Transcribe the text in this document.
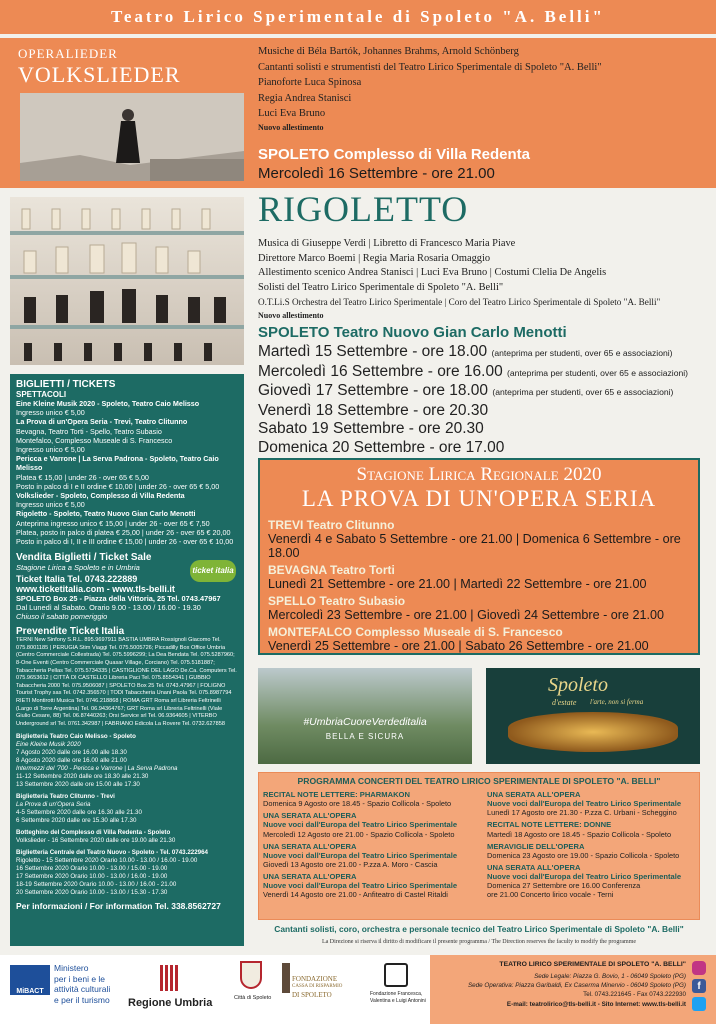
Teatro Lirico Sperimentale di Spoleto "A. Belli"
OPERALIEDER
VOLKSLIEDER
Musiche di Béla Bartók, Johannes Brahms, Arnold Schönberg
Cantanti solisti e strumentisti del Teatro Lirico Sperimentale di Spoleto "A. Belli"
Pianoforte Luca Spinosa
Regia Andrea Stanisci
Luci Eva Bruno
Nuovo allestimento
SPOLETO Complesso di Villa Redenta
Mercoledì 16 Settembre - ore 21.00
RIGOLETTO
Musica di Giuseppe Verdi | Libretto di Francesco Maria Piave
Direttore Marco Boemi | Regia Maria Rosaria Omaggio
Allestimento scenico Andrea Stanisci | Luci Eva Bruno | Costumi Clelia De Angelis
Solisti del Teatro Lirico Sperimentale di Spoleto "A. Belli"
O.T.Li.S Orchestra del Teatro Lirico Sperimentale | Coro del Teatro Lirico Sperimentale di Spoleto "A. Belli"
Nuovo allestimento
SPOLETO Teatro Nuovo Gian Carlo Menotti
Martedì 15 Settembre - ore 18.00 (anteprima per studenti, over 65 e associazioni)
Mercoledì 16 Settembre - ore 16.00 (anteprima per studenti, over 65 e associazioni)
Giovedì 17 Settembre - ore 18.00 (anteprima per studenti, over 65 e associazioni)
Venerdì 18 Settembre - ore 20.30
Sabato 19 Settembre - ore 20.30
Domenica 20 Settembre - ore 17.00
BIGLIETTI / TICKETS
SPETTACOLI
Eine Kleine Musik 2020 - Spoleto, Teatro Caio Melisso
Ingresso unico € 5,00
La Prova di un'Opera Seria - Trevi, Teatro Clitunno
Bevagna, Teatro Torti - Spello, Teatro Subasio
Montefalco, Complesso Museale di S. Francesco
Ingresso unico € 5,00
Pericca e Varrone | La Serva Padrona - Spoleto, Teatro Caio Melisso
Platea € 15,00 | under 26 - over 65 € 5,00
Posto in palco di I e II ordine € 10,00 | under 26 - over 65 € 5,00
Volkslieder - Spoleto, Complesso di Villa Redenta
Ingresso unico € 5,00
Rigoletto - Spoleto, Teatro Nuovo Gian Carlo Menotti
Anteprima ingresso unico € 15,00 | under 26 - over 65 € 7,50
Platea, posto in palco di platea € 25,00 | under 26 - over 65 € 20,00
Posto in palco di I, II e III ordine € 15,00 | under 26 - over 65 € 10,00
Vendita Biglietti / Ticket Sale
Stagione Lirica a Spoleto e in Umbria	ticket italia
Ticket Italia Tel. 0743.222889
www.ticketitalia.com - www.tls-belli.it
SPOLETO Box 25 - Piazza della Vittoria, 25 Tel. 0743.47967
Dal Lunedì al Sabato. Orario 9.00 - 13.00 / 16.00 - 19.30
Chiuso il sabato pomeriggio
Prevendite Ticket Italia
TERNI New Sinfony S.R.L. 895.9697911 BASTIA UMBRA Rossignoli Giacomo Tel. 075.8001185 | PERUGIA Stim Viaggi Tel. 075.5005726; Piccadilly Box Office Umbria (Centro Commerciale Collestrada) Tel. 075.5996299; La Dea Bendata Tel. 075.5287960; 8-One Eventi (Centro Commerciale Quasar Village, Corciano) Tel. 075.5181887; Tabaccheria Pellas Tel. 075.5734335 | CASTIGLIONE DEL LAGO De.Ca. Computers Tel. 075.9653612 | CITTÀ DI CASTELLO Libreria Paci Tel. 075.8554341 | GUBBIO Tabaccheria 2000 Tel. 075.9506087 | SPOLETO Box 25 Tel. 0743.47967 | FOLIGNO Tourist Trophy sas Tel. 0742.356570 | TODI Tabaccheria Unani Paola Tel. 075.8987794 RIETI Montirotti Musica Tel. 0746.218868 | ROMA GRT Roma srl Libreria Feltrinelli (Largo di Torre Argentina) Tel. 06.94364767; GRT Roma srl Libreria Feltrinelli (Viale Giulio Cesare, 88) Tel. 06.87440263; Orsi Service srl Tel. 06.9364605 | VITERBO Underground srl Tel. 0761.342987 | FABRIANO Edicola La Rovere Tel. 0732.627858
Biglietteria Teatro Caio Melisso - Spoleto
Eine Kleine Musik 2020
7 Agosto 2020 dalle ore 16.00 alle 18.30
8 Agosto 2020 dalle ore 16.00 alle 21.00
Intermezzi del '700 - Pericca e Varrone | La Serva Padrona
11-12 Settembre 2020 dalle ore 18.30 alle 21.30
13 Settembre 2020 dalle ore 15.00 alle 17.30
Biglietteria Teatro Clitunno - Trevi
La Prova di un'Opera Seria
4-5 Settembre 2020 dalle ore 16.30 alle 21.30
6 Settembre 2020 dalle ore 15.30 alle 17.30
Botteghino del Complesso di Villa Redenta - Spoleto
Volkslieder - 16 Settembre 2020 dalle ore 19.00 alle 21.30
Biglietteria Centrale del Teatro Nuovo - Spoleto - Tel. 0743.222964
Rigoletto - 15 Settembre 2020 Orario 10.00 - 13.00 / 16.00 - 19.00
16 Settembre 2020 Orario 10.00 - 13.00 / 15.00 - 19.00
17 Settembre 2020 Orario 10.00 - 13.00 / 16.00 - 19.00
18-19 Settembre 2020 Orario 10.00 - 13.00 / 16.00 - 21.00
20 Settembre 2020 Orario 10.00 - 13.00 / 15.30 - 17.30
Per informazioni / For information Tel. 338.8562727
Stagione Lirica Regionale 2020
LA PROVA DI UN'OPERA SERIA
TREVI Teatro Clitunno
Venerdì 4 e Sabato 5 Settembre - ore 21.00 | Domenica 6 Settembre - ore 18.00
BEVAGNA Teatro Torti
Lunedì 21 Settembre - ore 21.00 | Martedì 22 Settembre - ore 21.00
SPELLO Teatro Subasio
Mercoledì 23 Settembre - ore 21.00 | Giovedì 24 Settembre - ore 21.00
MONTEFALCO Complesso Museale di S. Francesco
Venerdì 25 Settembre - ore 21.00 | Sabato 26 Settembre - ore 21.00
#UmbriaCuoreVerdeditalia
BELLA E SICURA
Spoleto
d'estate l'arte, non si ferma
PROGRAMMA CONCERTI DEL TEATRO LIRICO SPERIMENTALE DI SPOLETO "A. BELLI"
RECITAL NOTE LETTERE: PHARMAKON
Domenica 9 Agosto ore 18.45 - Spazio Collicola - Spoleto
UNA SERATA ALL'OPERA
Nuove voci dall'Europa del Teatro Lirico Sperimentale
Mercoledì 12 Agosto ore 21.00 - Spazio Collicola - Spoleto
UNA SERATA ALL'OPERA
Nuove voci dall'Europa del Teatro Lirico Sperimentale
Giovedì 13 Agosto ore 21.00 - P.zza A. Moro - Cascia
UNA SERATA ALL'OPERA
Nuove voci dall'Europa del Teatro Lirico Sperimentale
Venerdì 14 Agosto ore 21.00 - Anfiteatro di Castel Ritaldi
UNA SERATA ALL'OPERA
Nuove voci dall'Europa del Teatro Lirico Sperimentale
Lunedì 17 Agosto ore 21.30 - P.zza C. Urbani - Scheggino
RECITAL NOTE LETTERE: DONNE
Martedì 18 Agosto ore 18.45 - Spazio Collicola - Spoleto
MERAVIGLIE DELL'OPERA
Domenica 23 Agosto ore 19.00 - Spazio Collicola - Spoleto
UNA SERATA ALL'OPERA
Nuove voci dall'Europa del Teatro Lirico Sperimentale
Domenica 27 Settembre ore 16.00 Conferenza
ore 21.00 Concerto lirico vocale - Terni
Cantanti solisti, coro, orchestra e personale tecnico del Teatro Lirico Sperimentale di Spoleto "A. Belli"
La Direzione si riserva il diritto di modificare il presente programma / The Direction reserves the faculty to modify the programme
MiBACT
Ministero
per i beni e le
attività culturali
e per il turismo Regione Umbria	Città di Spoleto
FONDAZIONE
CASSA DI RISPARMIO
DI SPOLETO	Fondazione Francesca,
Valentina e Luigi Antonini
TEATRO LIRICO SPERIMENTALE DI SPOLETO "A. BELLI"
Sede Legale: Piazza G. Bovio, 1 - 06049 Spoleto (PG)
Sede Operativa: Piazza Garibaldi, Ex Caserma Minervio - 06049 Spoleto (PG)
Tel. 0743.221645 - Fax 0743.222930
E-mail: teatrolirico@tls-belli.it - Sito Internet: www.tls-belli.it
f
